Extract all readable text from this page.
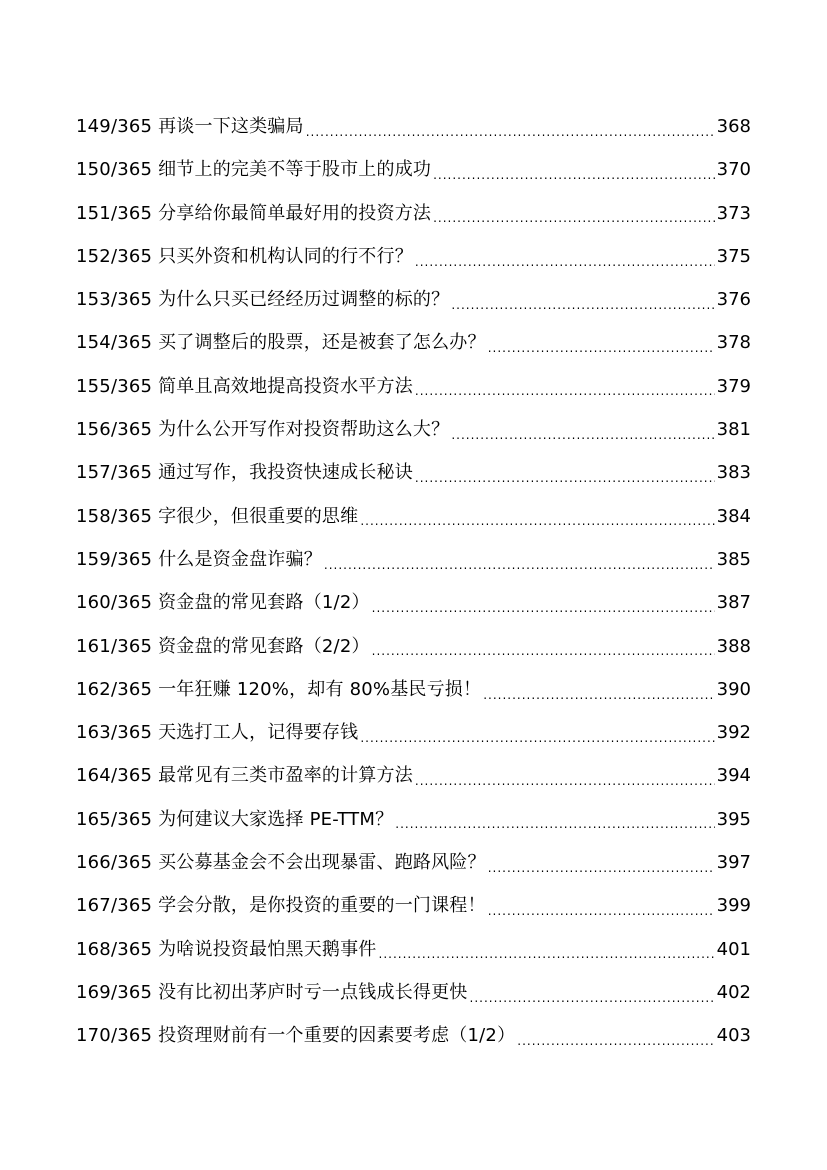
149/365 再谈一下这类骗局 .....	368
150/365 细节上的完美不等于股市上的成功 .....	370
151/365 分享给你最简单最好用的投资方法 .....	373
152/365 只买外资和机构认同的行不行？ .....	375
153/365 为什么只买已经经历过调整的标的？ .....	376
154/365 买了调整后的股票，还是被套了怎么办？ .....	378
155/365 简单且高效地提高投资水平方法 .....	379
156/365 为什么公开写作对投资帮助这么大？ .....	381
157/365 通过写作，我投资快速成长秘诀 .....	383
158/365 字很少，但很重要的思维 .....	384
159/365 什么是资金盘诈骗？ .....	385
160/365 资金盘的常见套路（1/2） .....	387
161/365 资金盘的常见套路（2/2） .....	388
162/365 一年狂赚 120%，却有 80%基民亏损！ .....	390
163/365 天选打工人，记得要存钱 .....	392
164/365 最常见有三类市盈率的计算方法 .....	394
165/365 为何建议大家选择 PE-TTM？ .....	395
166/365 买公募基金会不会出现暴雷、跑路风险？ .....	397
167/365 学会分散，是你投资的重要的一门课程！ .....	399
168/365 为啥说投资最怕黑天鹅事件 .....	401
169/365 没有比初出茅庐时亏一点钱成长得更快 .....	402
170/365 投资理财前有一个重要的因素要考虑（1/2） .....	403
